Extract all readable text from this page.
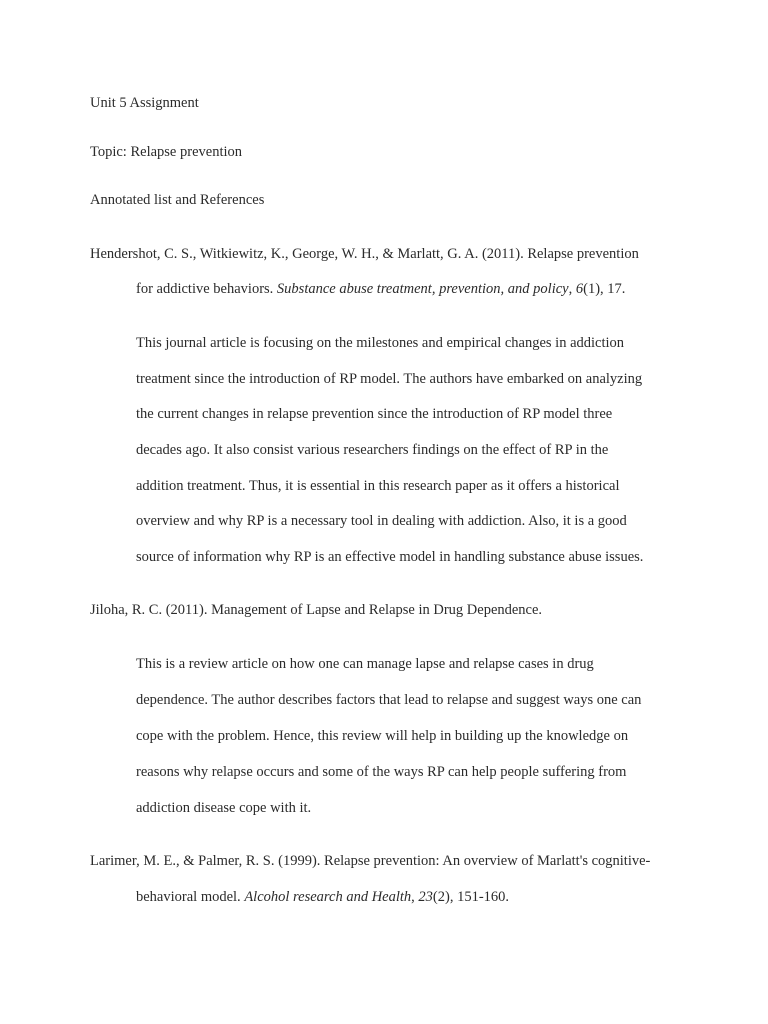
Unit 5 Assignment
Topic: Relapse prevention
Annotated list and References
Hendershot, C. S., Witkiewitz, K., George, W. H., & Marlatt, G. A. (2011). Relapse prevention
for addictive behaviors. Substance abuse treatment, prevention, and policy, 6(1), 17.
This journal article is focusing on the milestones and empirical changes in addiction
treatment since the introduction of RP model. The authors have embarked on analyzing
the current changes in relapse prevention since the introduction of RP model three
decades ago. It also consist various researchers findings on the effect of RP in the
addition treatment. Thus, it is essential in this research paper as it offers a historical
overview and why RP is a necessary tool in dealing with addiction. Also, it is a good
source of information why RP is an effective model in handling substance abuse issues.
Jiloha, R. C. (2011). Management of Lapse and Relapse in Drug Dependence.
This is a review article on how one can manage lapse and relapse cases in drug
dependence. The author describes factors that lead to relapse and suggest ways one can
cope with the problem. Hence, this review will help in building up the knowledge on
reasons why relapse occurs and some of the ways RP can help people suffering from
addiction disease cope with it.
Larimer, M. E., & Palmer, R. S. (1999). Relapse prevention: An overview of Marlatt's cognitive-
behavioral model. Alcohol research and Health, 23(2), 151-160.
